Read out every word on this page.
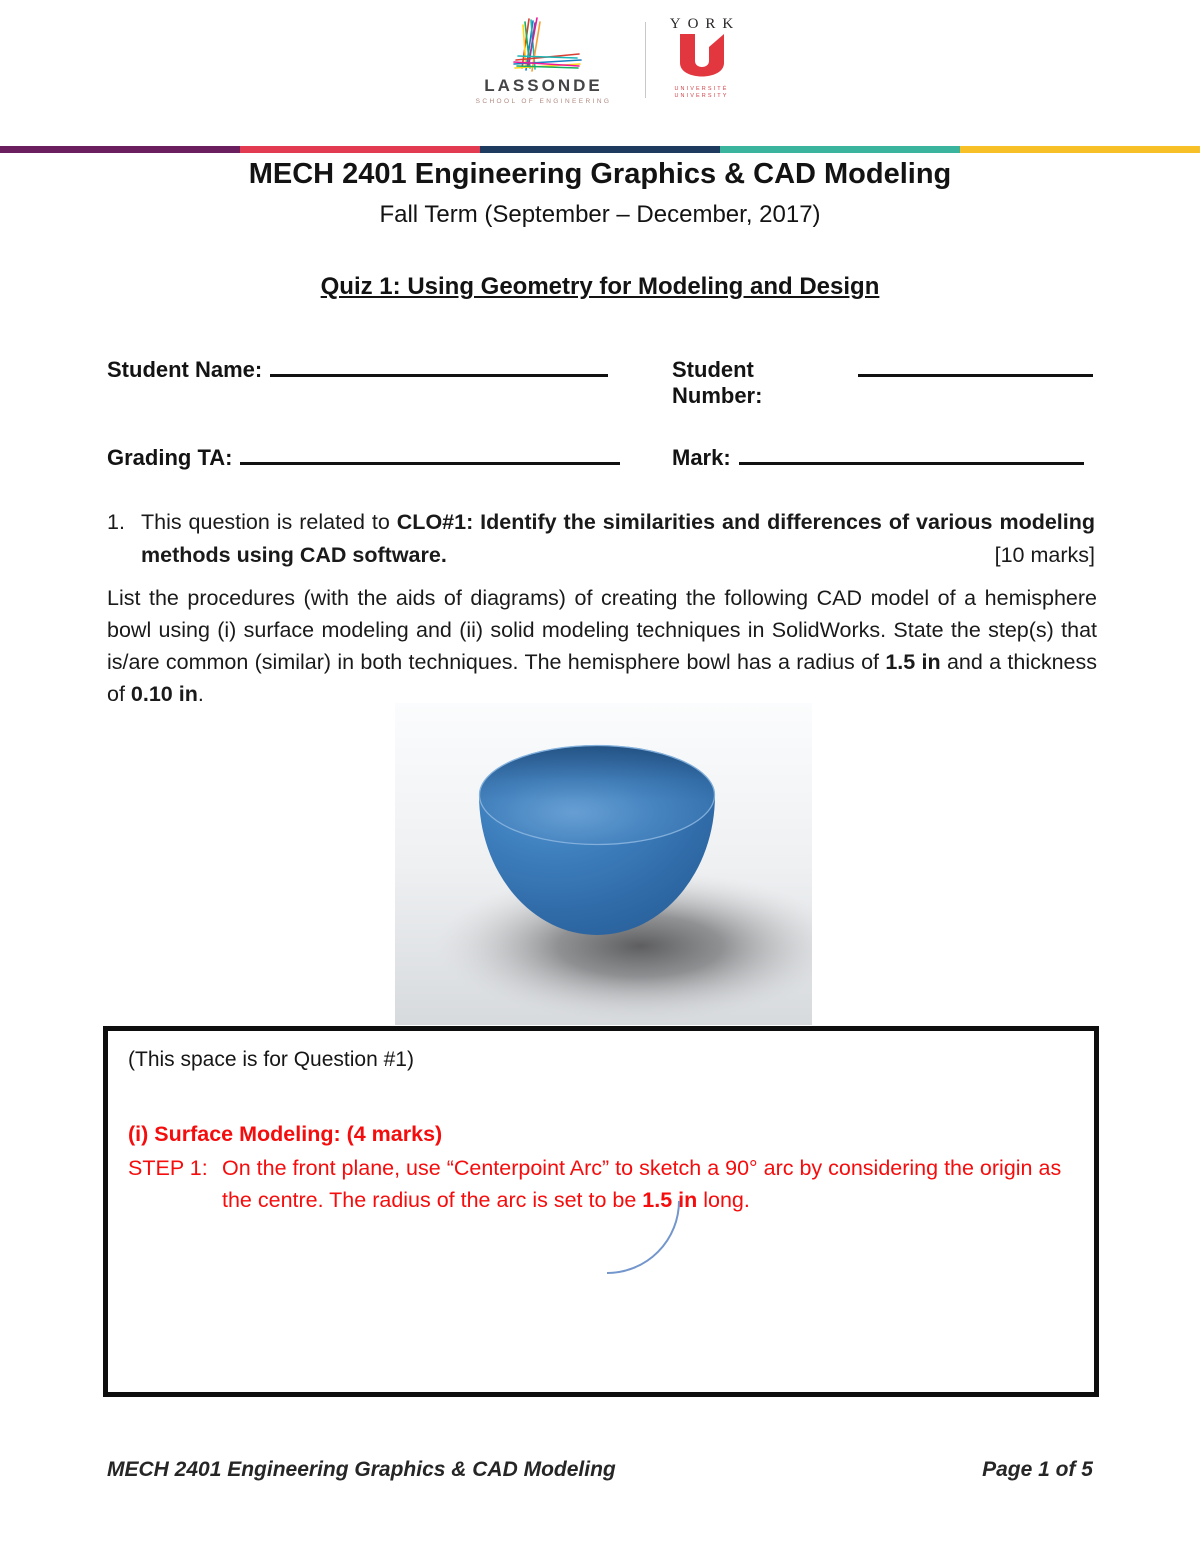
LASSONDE
SCHOOL OF ENGINEERING
YORK
UNIVERSITÉ
UNIVERSITY
MECH 2401 Engineering Graphics & CAD Modeling
Fall Term (September – December, 2017)
Quiz 1: Using Geometry for Modeling and Design
Student Name:	Student Number:
Grading TA:	Mark:
1. This question is related to CLO#1: Identify the similarities and differences of various modeling methods using CAD software.	[10 marks]
List the procedures (with the aids of diagrams) of creating the following CAD model of a hemisphere bowl using (i) surface modeling and (ii) solid modeling techniques in SolidWorks. State the step(s) that is/are common (similar) in both techniques. The hemisphere bowl has a radius of 1.5 in and a thickness of 0.10 in.
(This space is for Question #1)
(i) Surface Modeling: (4 marks)
STEP 1: On the front plane, use “Centerpoint Arc” to sketch a 90° arc by considering the origin as the centre. The radius of the arc is set to be 1.5 in long.
MECH 2401 Engineering Graphics & CAD Modeling	Page 1 of 5
